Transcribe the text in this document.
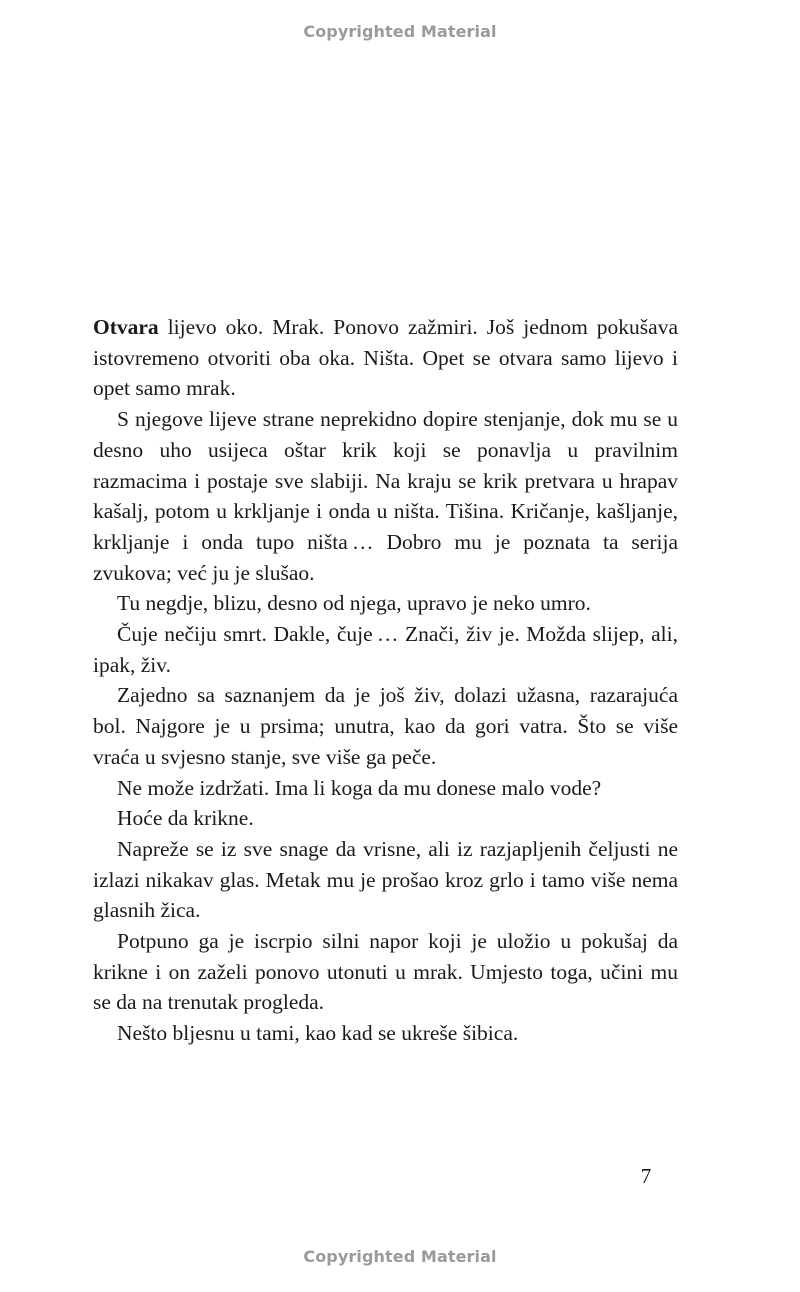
Copyrighted Material

Otvara lijevo oko. Mrak. Ponovo zažmiri. Još jednom pokušava istovremeno otvoriti oba oka. Ništa. Opet se otvara samo lijevo i opet samo mrak.

S njegove lijeve strane neprekidno dopire stenjanje, dok mu se u desno uho usijeca oštar krik koji se ponavlja u pravilnim razmacima i postaje sve slabiji. Na kraju se krik pretvara u hrapav kašalj, potom u krkljanje i onda u ništa. Tišina. Kričanje, kašljanje, krkljanje i onda tupo ništa … Dobro mu je poznata ta serija zvukova; već ju je slušao.

Tu negdje, blizu, desno od njega, upravo je neko umro.

Čuje nečiju smrt. Dakle, čuje … Znači, živ je. Možda slijep, ali, ipak, živ.

Zajedno sa saznanjem da je još živ, dolazi užasna, razarajuća bol. Najgore je u prsima; unutra, kao da gori vatra. Što se više vraća u svjesno stanje, sve više ga peče.

Ne može izdržati. Ima li koga da mu donese malo vode?

Hoće da krikne.

Napreže se iz sve snage da vrisne, ali iz razjapljenih čeljusti ne izlazi nikakav glas. Metak mu je prošao kroz grlo i tamo više nema glasnih žica.

Potpuno ga je iscrpio silni napor koji je uložio u pokušaj da krikne i on zaželi ponovo utonuti u mrak. Umjesto toga, učini mu se da na trenutak progleda.

Nešto bljesnu u tami, kao kad se ukreše šibica.

7
Copyrighted Material
